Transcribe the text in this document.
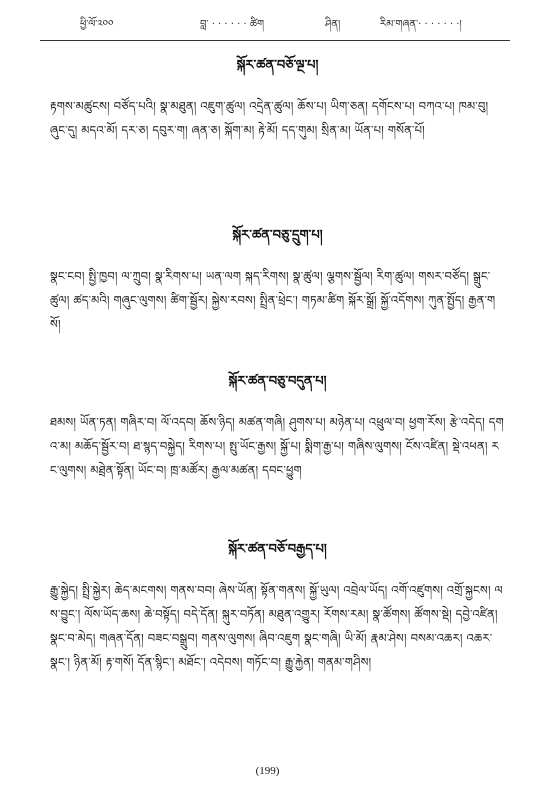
ཕྱི་ལོ་༢༠༠	བླ་ · · · · · · ཚིག	ཤིན།	རིམ་གཞན་· · · · · · ·།
སྐོར་ཚན་བཅོ་ལྔ་པ།

རྟགས་མཚུངས། བཙོད་པའི། སྣ་མཐུན། འཇུག་ཚུལ། འདྲེན་ཚུལ། ཆོས་པ། ཡིག་ཅན། དགོངས་པ། བཀའ་པ། ཁམ་བུ། ཞུང་དུ། མདའ་མོ། དར་ཅ། དབུར་ག། ཞན་ཅ། སྐོག་མ། རྟེ་མོ། དད་གུམ། སྲིན་མ། ཡོན་པ། གསོན་པོ།

སྐོར་ཚན་བཅུ་དྲུག་པ།

སྣང་ངབ། སྤྱི་ཁྱབ། ལ་ཀྲུབ། སྣ་རིགས་པ། ཡན་ལག སྐད་རིགས། སྣ་ཚུལ། ལྕགས་སྦྱོལ། རིག་ཚུལ། གསར་བཙོད། སྒྲུང་ཚུལ། ཚད་མའི། གཞུང་ལུགས། ཚིག་སྦྱོར། སྐྱེས་རབས། སྤྲིན་ཕྲེང་། གཏམ་ཚིག སྐོར་སྒྲོ། སྐྱོ་འདོགས། ཀུན་སྤྱོད། རྒྱན་གསོ།

སྐོར་ཚན་བཅུ་བདུན་པ།

ཐམས། ཡོན་ཏན། གཞིར་བ། ལོ་འདབ། ཆོས་ཉིད། མཚན་གཞི། ཤུགས་པ། མཉེན་པ། འཕྲུལ་བ། ཕྱག་རོས། རྩེ་འདེད། དགའ་མ། མཆོད་སྦྱོར་བ། ཐ་སྙད་བསྐྱེད། རིགས་པ། སྤུ་ཡོང་རྒྱས། སྐྱོ་པ། སྨིག་རྒྱ་པ། གཞིས་ལུགས། ངོས་འཛིན། སྡེ་འཕན། རང་ལུགས། མཐྲེན་སྟོན། ཡོང་བ། ཁྲ་མཚོར། རྒྱལ་མཚན། དབང་ཕྱུག

སྐོར་ཚན་བཅོ་བརྒྱད་པ།

རྒྱུ་སྐྱེད། སྤྲི་སྐྱེར། ཆེད་མངགས། གནས་བབ། ཞེས་ཡོན། སྟོན་གནས། སྐྱོ་ཡུལ། འབྲེལ་ཡོད། འགོ་འཛུགས། འགྲོ་སྐྱངས། ལས་བྱུང་། ལོས་ཡོད་ཆས། ཆེ་བསྟོད། བདེ་དོན། སྐུར་བཏོན། མཐུན་འགྱུར། རོགས་རམ། སྣ་ཚོགས། ཚོགས་སྡེ། དབྱེ་འཛིན། སྣང་བ་མེད། གཞན་དོན། བཟང་བསྒྲུབ། གནས་ལུགས། ཞིབ་འཇུག སྣང་གཞི། ཡི་མོ། རྣམ་ཤེས། བསམ་འཆར། འཆར་སྣང་། ཉིན་མོ། རྟ་གསོ། དོན་སྙིང་། མཐོང་། འདེབས། གཏོང་བ། རྒྱུ་རྐྱེན། གནམ་གཤིས།

(199)
